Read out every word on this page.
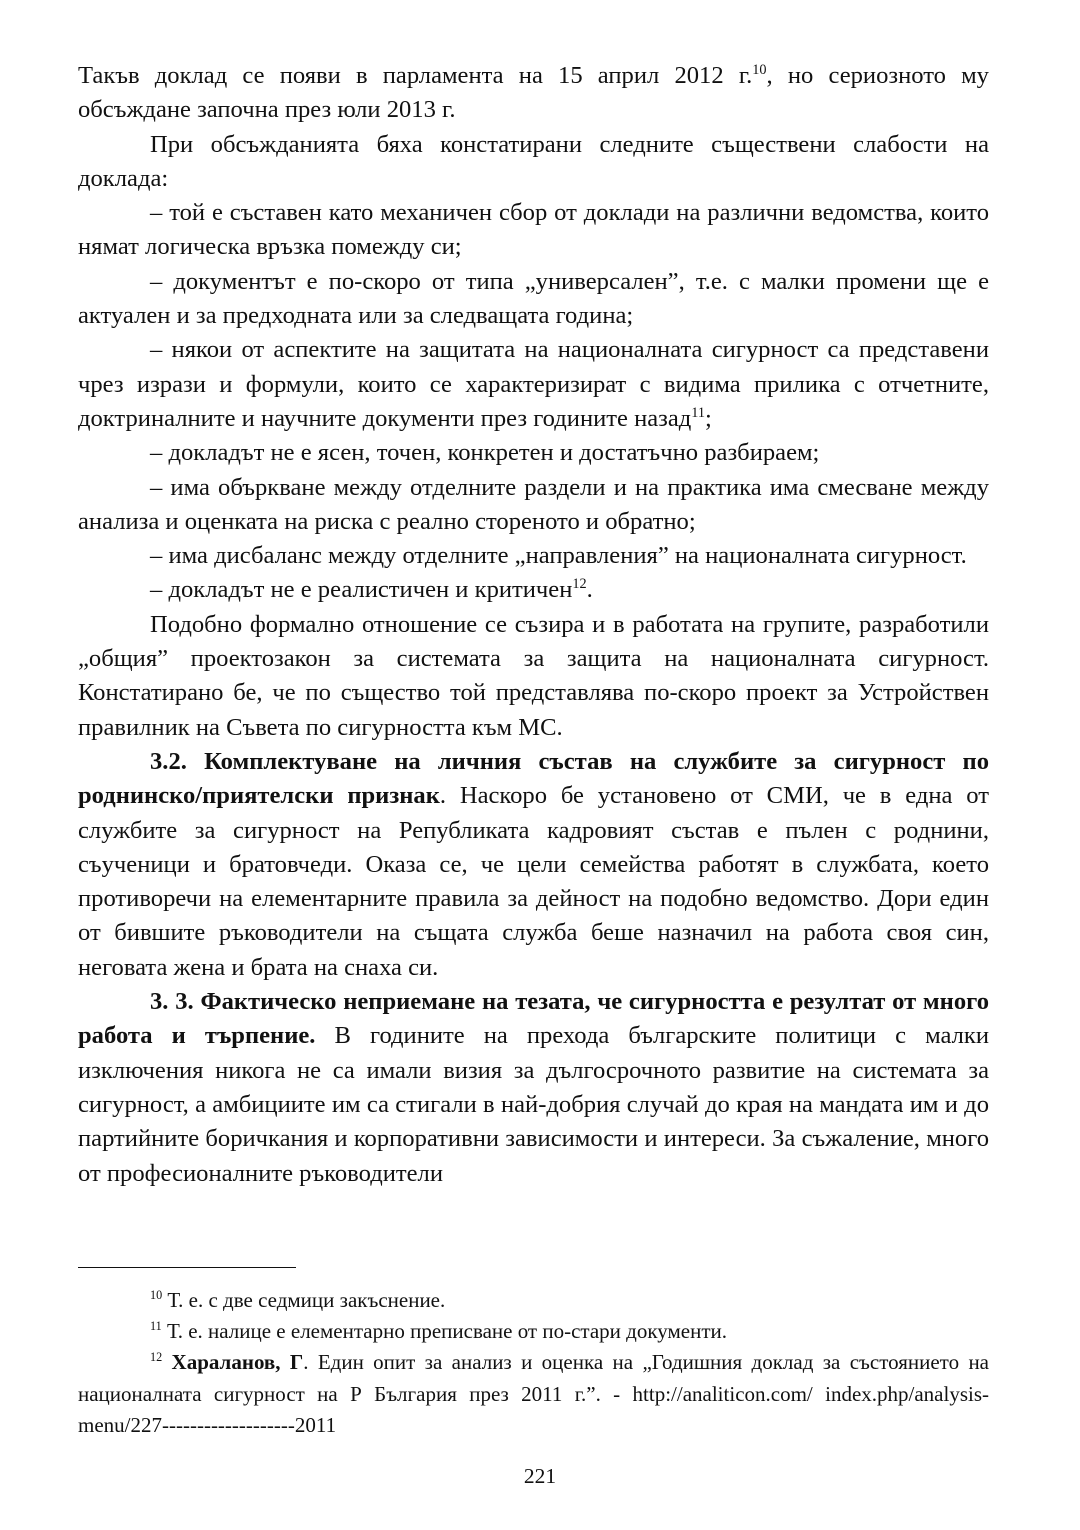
Такъв доклад се появи в парламента на 15 април 2012 г.$^{10}$, но сериозното му обсъждане започна през юли 2013 г.

При обсъжданията бяха констатирани следните съществени слабости на доклада:

– той е съставен като механичен сбор от доклади на различни ведомства, които нямат логическа връзка помежду си;

– документът е по-скоро от типа „универсален”, т.е. с малки промени ще е актуален и за предходната или за следващата година;

– някои от аспектите на защитата на националната сигурност са представени чрез изрази и формули, които се характеризират с видима прилика с отчетните, доктриналните и научните документи през годините назад$^{11}$;

– докладът не е ясен, точен, конкретен и достатъчно разбираем;

– има объркване между отделните раздели и на практика има смесване между анализа и оценката на риска с реално стореното и обратно;

– има дисбаланс между отделните „направления” на националната сигурност.

– докладът не е реалистичен и критичен$^{12}$.

Подобно формално отношение се съзира и в работата на групите, разработили „общия” проектозакон за системата за защита на националната сигурност. Констатирано бе, че по същество той представлява по-скоро проект за Устройствен правилник на Съвета по сигурността към МС.

3.2. Комплектуване на личния състав на службите за сигурност по роднинско/приятелски признак. Наскоро бе установено от СМИ, че в една от службите за сигурност на Републиката кадровият състав е пълен с роднини, съученици и братовчеди. Оказа се, че цели семейства работят в службата, което противоречи на елементарните правила за дейност на подобно ведомство. Дори един от бившите ръководители на същата служба беше назначил на работа своя син, неговата жена и брата на снаха си.

3. 3. Фактическо неприемане на тезата, че сигурността е резултат от много работа и търпение. В годините на прехода българските политици с малки изключения никога не са имали визия за дългосрочното развитие на системата за сигурност, а амбициите им са стигали в най-добрия случай до края на мандата им и до партийните боричкания и корпоративни зависимости и интереси. За съжаление, много от професионалните ръководители

$^{10}$ Т. е. с две седмици закъснение.

$^{11}$ Т. е. налице е елементарно преписване от по-стари документи.

$^{12}$ Хараланов, Г. Един опит за анализ и оценка на „Годишния доклад за състоянието на националната сигурност на Р България през 2011 г.”. - http://analiticon.com/ index.php/analysis-menu/227-------------------2011

221
